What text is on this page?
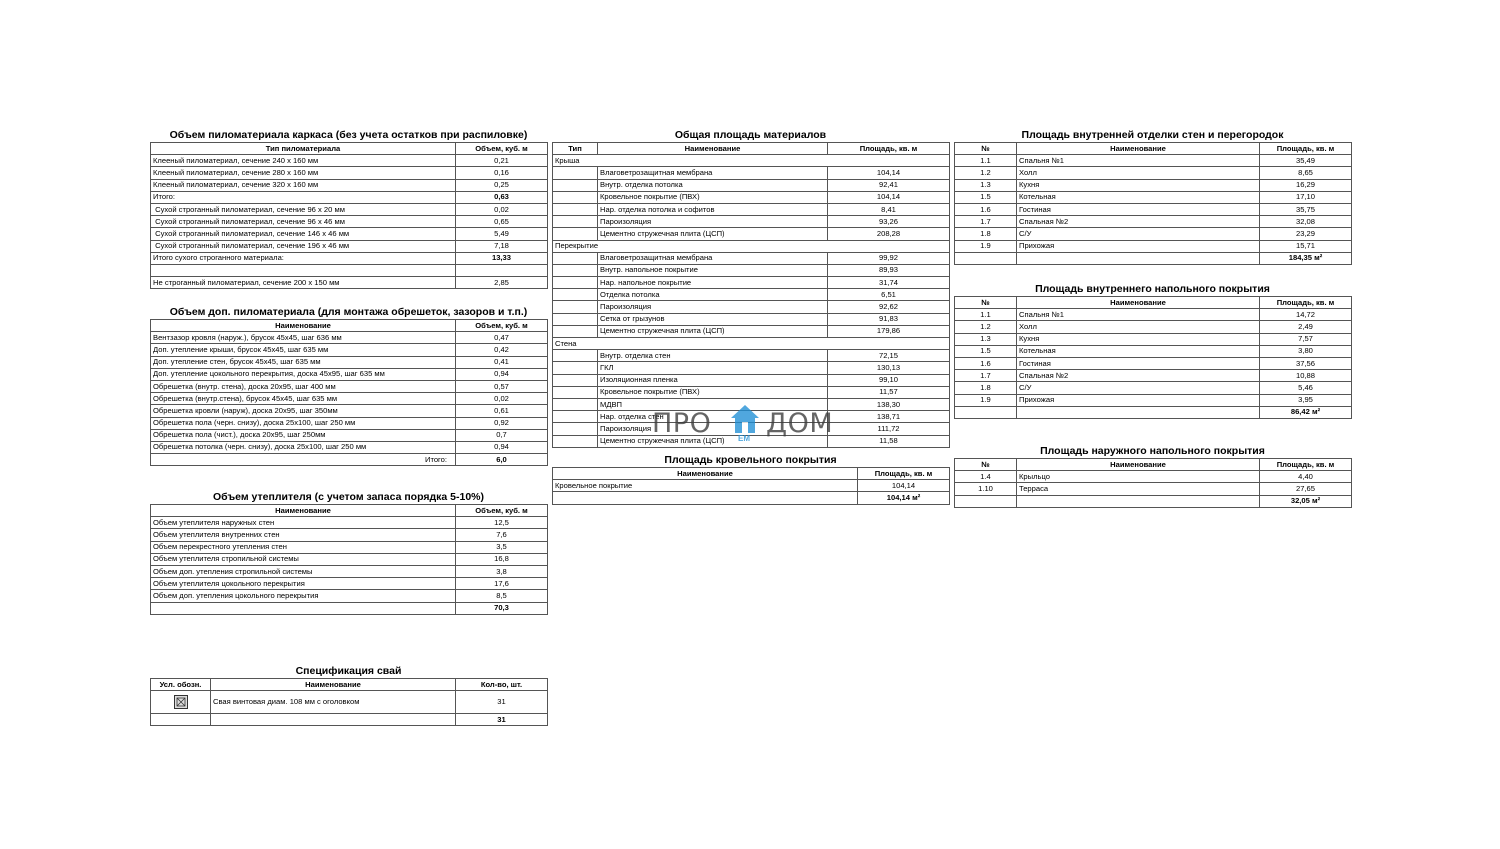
Объем пиломатериала каркаса (без учета остатков при распиловке)
Тип пиломатериала	Объем, куб. м
Клееный пиломатериал, сечение 240 x 160 мм	0,21
Клееный пиломатериал, сечение 280 x 160 мм	0,16
Клееный пиломатериал, сечение 320 x 160 мм	0,25
Итого:	0,63
Сухой строганный пиломатериал, сечение 96 x 20 мм	0,02
Сухой строганный пиломатериал, сечение 96 x 46 мм	0,65
Сухой строганный пиломатериал, сечение 146 x 46 мм	5,49
Сухой строганный пиломатериал, сечение 196 x 46 мм	7,18
Итого сухого строганного материала:	13,33

Не строганный пиломатериал, сечение 200 x 150 мм	2,85
Объем доп. пиломатериала (для монтажа обрешеток, зазоров и т.п.)
Наименование	Объем, куб. м
Вентзазор кровля (наруж.), брусок 45x45, шаг 636 мм	0,47
Доп. утепление крыши, брусок 45x45, шаг 635 мм	0,42
Доп. утепление стен, брусок 45x45, шаг 635 мм	0,41
Доп. утепление цокольного перекрытия, доска 45x95, шаг 635 мм	0,94
Обрешетка (внутр. стена), доска 20x95, шаг 400 мм	0,57
Обрешетка (внутр.стена), брусок 45x45, шаг 635 мм	0,02
Обрешетка кровли (наруж), доска 20x95, шаг 350мм	0,61
Обрешетка пола (черн. снизу), доска 25x100, шаг 250 мм	0,92
Обрешетка пола (чист.), доска 20x95, шаг 250мм	0,7
Обрешетка потолка (черн. снизу), доска 25x100, шаг 250 мм	0,94
Итого:	6,0
Объем утеплителя (с учетом запаса порядка 5-10%)
Наименование	Объем, куб. м
Объем утеплителя наружных стен	12,5
Объем утеплителя внутренних стен	7,6
Объем перекрестного утепления стен	3,5
Объем утеплителя стропильной системы	16,8
Объем доп. утепления стропильной системы	3,8
Объем утеплителя цокольного перекрытия	17,6
Объем доп. утепления цокольного перекрытия	8,5
	70,3
Спецификация свай
Усл. обозн.	Наименование	Кол-во, шт.

	Свая винтовая диам. 108 мм с оголовком	31
		31
Общая площадь материалов
Тип	Наименование	Площадь, кв. м
Крыша		
	Влаговетрозащитная мембрана	104,14
	Внутр. отделка потолка	92,41
	Кровельное покрытие (ПВХ)	104,14
	Нар. отделка потолка и софитов	8,41
	Пароизоляция	93,26
	Цементно стружечная плита (ЦСП)	208,28
Перекрытие		
	Влаговетрозащитная мембрана	99,92
	Внутр. напольное покрытие	89,93
	Нар. напольное покрытие	31,74
	Отделка потолка	6,51
	Пароизоляция	92,62
	Сетка от грызунов	91,83
	Цементно стружечная плита (ЦСП)	179,86
Стена		
	Внутр. отделка стен	72,15
	ГКЛ	130,13
	Изоляционная пленка	99,10
	Кровельное покрытие (ПВХ)	11,57
	МДВП	138,30
	Нар. отделка стен	138,71
	Пароизоляция	111,72
	Цементно стружечная плита (ЦСП)	11,58
Площадь кровельного покрытия
Наименование	Площадь, кв. м
Кровельное покрытие	104,14
	104,14 м²
Площадь внутренней отделки стен и перегородок
№	Наименование	Площадь, кв. м
1.1	Спальня №1	35,49
1.2	Холл	8,65
1.3	Кухня	16,29
1.5	Котельная	17,10
1.6	Гостиная	35,75
1.7	Спальная №2	32,08
1.8	С/У	23,29
1.9	Прихожая	15,71
		184,35 м²
Площадь внутреннего напольного покрытия
№	Наименование	Площадь, кв. м
1.1	Спальня №1	14,72
1.2	Холл	2,49
1.3	Кухня	7,57
1.5	Котельная	3,80
1.6	Гостиная	37,56
1.7	Спальная №2	10,88
1.8	С/У	5,46
1.9	Прихожая	3,95
		86,42 м²
Площадь наружного напольного покрытия
№	Наименование	Площадь, кв. м
1.4	Крыльцо	4,40
1.10	Терраса	27,65
		32,05 м²
ПРО ДОМ
ЕМ
